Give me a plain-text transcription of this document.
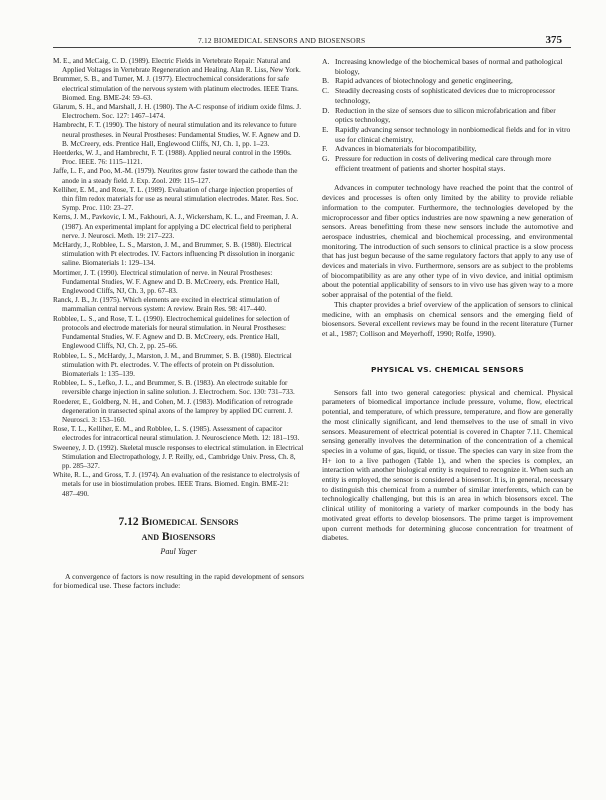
7.12 BIOMEDICAL SENSORS AND BIOSENSORS	375

M. E., and McCaig, C. D. (1989). Electric Fields in Vertebrate Repair: Natural and Applied Voltages in Vertebrate Regeneration and Healing. Alan R. Liss, New York.

Brummer, S. B., and Turner, M. J. (1977). Electrochemical considerations for safe electrical stimulation of the nervous system with platinum electrodes. IEEE Trans. Biomed. Eng. BME-24: 59–63.

Glarum, S. H., and Marshall, J. H. (1980). The A-C response of iridium oxide films. J. Electrochem. Soc. 127: 1467–1474.

Hambrecht, F. T. (1990). The history of neural stimulation and its relevance to future neural prostheses. in Neural Prostheses: Fundamental Studies, W. F. Agnew and D. B. McCreery, eds. Prentice Hall, Englewood Cliffs, NJ, Ch. 1, pp. 1–23.

Heetderks, W. J., and Hambrecht, F. T. (1988). Applied neural control in the 1990s. Proc. IEEE. 76: 1115–1121.

Jaffe, L. F., and Poo, M.-M. (1979). Neurites grow faster toward the cathode than the anode in a steady field. J. Exp. Zool. 209: 115–127.

Kelliher, E. M., and Rose, T. L. (1989). Evaluation of charge injection properties of thin film redox materials for use as neural stimulation electrodes. Mater. Res. Soc. Symp. Proc. 110: 23–27.

Kerns, J. M., Pavkovic, I. M., Fakhouri, A. J., Wickersham, K. L., and Freeman, J. A. (1987). An experimental implant for applying a DC electrical field to peripheral nerve. J. Neurosci. Meth. 19: 217–223.

McHardy, J., Robblee, L. S., Marston, J. M., and Brummer, S. B. (1980). Electrical stimulation with Pt electrodes. IV. Factors influencing Pt dissolution in inorganic saline. Biomaterials 1: 129–134.

Mortimer, J. T. (1990). Electrical stimulation of nerve. in Neural Prostheses: Fundamental Studies, W. F. Agnew and D. B. McCreery, eds. Prentice Hall, Englewood Cliffs, NJ, Ch. 3, pp. 67–83.

Ranck, J. B., Jr. (1975). Which elements are excited in electrical stimulation of mammalian central nervous system: A review. Brain Res. 98: 417–440.

Robblee, L. S., and Rose, T. L. (1990). Electrochemical guidelines for selection of protocols and electrode materials for neural stimulation. in Neural Prostheses: Fundamental Studies, W. F. Agnew and D. B. McCreery, eds. Prentice Hall, Englewood Cliffs, NJ, Ch. 2, pp. 25–66.

Robblee, L. S., McHardy, J., Marston, J. M., and Brummer, S. B. (1980). Electrical stimulation with Pt. electrodes. V. The effects of protein on Pt dissolution. Biomaterials 1: 135–139.

Robblee, L. S., Lefko, J. L., and Brummer, S. B. (1983). An electrode suitable for reversible charge injection in saline solution. J. Electrochem. Soc. 130: 731–733.

Roederer, E., Goldberg, N. H., and Cohen, M. J. (1983). Modification of retrograde degeneration in transected spinal axons of the lamprey by applied DC current. J. Neurosci. 3: 153–160.

Rose, T. L., Kelliher, E. M., and Robblee, L. S. (1985). Assessment of capacitor electrodes for intracortical neural stimulation. J. Neuroscience Meth. 12: 181–193.

Sweeney, J. D. (1992). Skeletal muscle responses to electrical stimulation. in Electrical Stimulation and Electropathology, J. P. Reilly, ed., Cambridge Univ. Press, Ch. 8, pp. 285–327.

White, R. L., and Gross, T. J. (1974). An evaluation of the resistance to electrolysis of metals for use in biostimulation probes. IEEE Trans. Biomed. Engin. BME-21: 487–490.

7.12 Biomedical Sensors
and Biosensors
Paul Yager

A convergence of factors is now resulting in the rapid development of sensors for biomedical use. These factors include:

A. Increasing knowledge of the biochemical bases of normal and pathological biology,
B. Rapid advances of biotechnology and genetic engineering,
C. Steadily decreasing costs of sophisticated devices due to microprocessor technology,
D. Reduction in the size of sensors due to silicon microfabrication and fiber optics technology,
E. Rapidly advancing sensor technology in nonbiomedical fields and for in vitro use for clinical chemistry,
F. Advances in biomaterials for biocompatibility,
G. Pressure for reduction in costs of delivering medical care through more efficient treatment of patients and shorter hospital stays.

Advances in computer technology have reached the point that the control of devices and processes is often only limited by the ability to provide reliable information to the computer. Furthermore, the technologies developed by the microprocessor and fiber optics industries are now spawning a new generation of sensors. Areas benefitting from these new sensors include the automotive and aerospace industries, chemical and biochemical processing, and environmental monitoring. The introduction of such sensors to clinical practice is a slow process that has just begun because of the same regulatory factors that apply to any use of devices and materials in vivo. Furthermore, sensors are as subject to the problems of biocompatibility as are any other type of in vivo device, and initial optimism about the potential applicability of sensors to in vivo use has given way to a more sober appraisal of the potential of the field.

This chapter provides a brief overview of the application of sensors to clinical medicine, with an emphasis on chemical sensors and the emerging field of biosensors. Several excellent reviews may be found in the recent literature (Turner et al., 1987; Collison and Meyerhoff, 1990; Rolfe, 1990).

PHYSICAL VS. CHEMICAL SENSORS

Sensors fall into two general categories: physical and chemical. Physical parameters of biomedical importance include pressure, volume, flow, electrical potential, and temperature, of which pressure, temperature, and flow are generally the most clinically significant, and lend themselves to the use of small in vivo sensors. Measurement of electrical potential is covered in Chapter 7.11. Chemical sensing generally involves the determination of the concentration of a chemical species in a volume of gas, liquid, or tissue. The species can vary in size from the H+ ion to a live pathogen (Table 1), and when the species is complex, an interaction with another biological entity is required to recognize it. When such an entity is employed, the sensor is considered a biosensor. It is, in general, necessary to distinguish this chemical from a number of similar interferents, which can be technologically challenging, but this is an area in which biosensors excel. The clinical utility of monitoring a variety of marker compounds in the body has motivated great efforts to develop biosensors. The prime target is improvement upon current methods for determining glucose concentration for treatment of diabetes.
